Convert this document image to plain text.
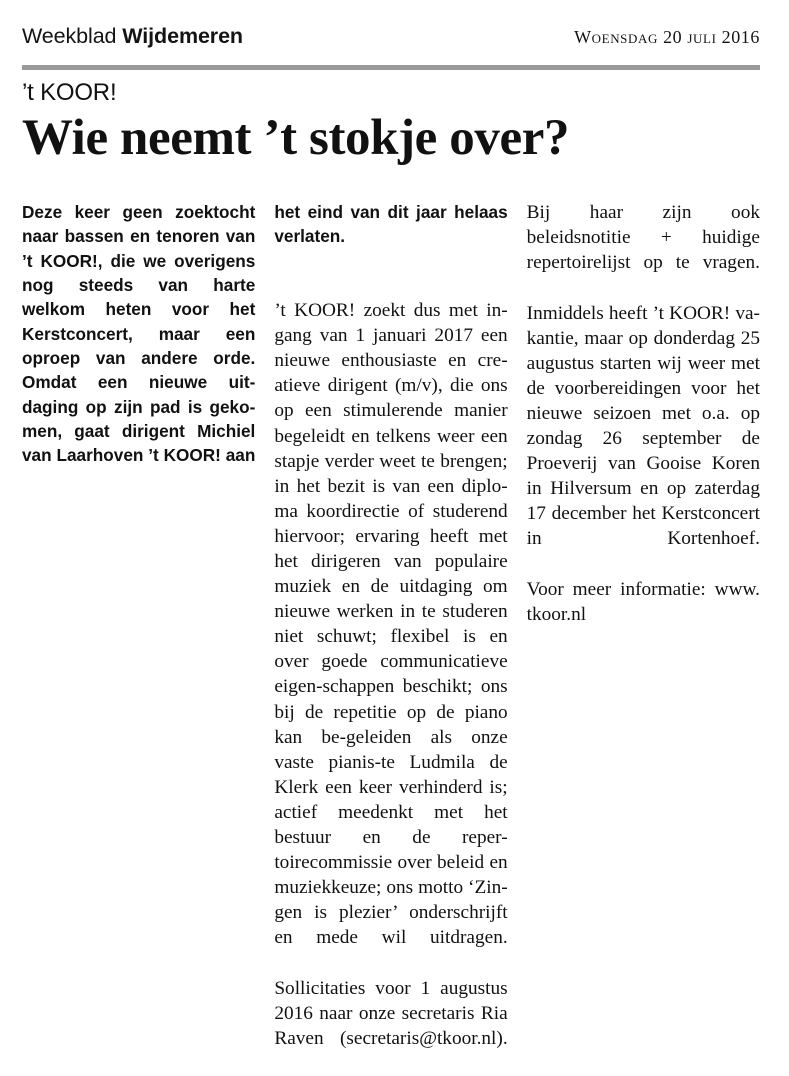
Weekblad Wijdemeren	Woensdag 20 juli 2016
’t KOOR!
Wie neemt ’t stokje over?

Deze keer geen zoektocht naar bassen en tenoren van ’t KOOR!, die we overigens nog steeds van harte welkom heten voor het Kerstconcert, maar een oproep van andere orde. Omdat een nieuwe uit-daging op zijn pad is geko-men, gaat dirigent Michiel van Laarhoven ’t KOOR! aan

het eind van dit jaar helaas verlaten.

’t KOOR! zoekt dus met in-gang van 1 januari 2017 een nieuwe enthousiaste en cre-atieve dirigent (m/v), die ons op een stimulerende manier begeleidt en telkens weer een stapje verder weet te brengen; in het bezit is van een diplo-ma koordirectie of studerend hiervoor; ervaring heeft met het dirigeren van populaire muziek en de uitdaging om nieuwe werken in te studeren niet schuwt; flexibel is en over goede communicatieve eigen-schappen beschikt; ons bij de repetitie op de piano kan be-geleiden als onze vaste pianis-te Ludmila de Klerk een keer verhinderd is; actief meedenkt met het bestuur en de reper-toirecommissie over beleid en muziekkeuze; ons motto ‘Zin-gen is plezier’ onderschrijft en mede wil uitdragen.

Sollicitaties voor 1 augustus 2016 naar onze secretaris Ria Raven (secretaris@tkoor.nl).

Bij haar zijn ook beleidsnotitie + huidige repertoirelijst op te vragen.

Inmiddels heeft ’t KOOR! va-kantie, maar op donderdag 25 augustus starten wij weer met de voorbereidingen voor het nieuwe seizoen met o.a. op zondag 26 september de Proeverij van Gooise Koren in Hilversum en op zaterdag 17 december het Kerstconcert in Kortenhoef.

Voor meer informatie: www. tkoor.nl
